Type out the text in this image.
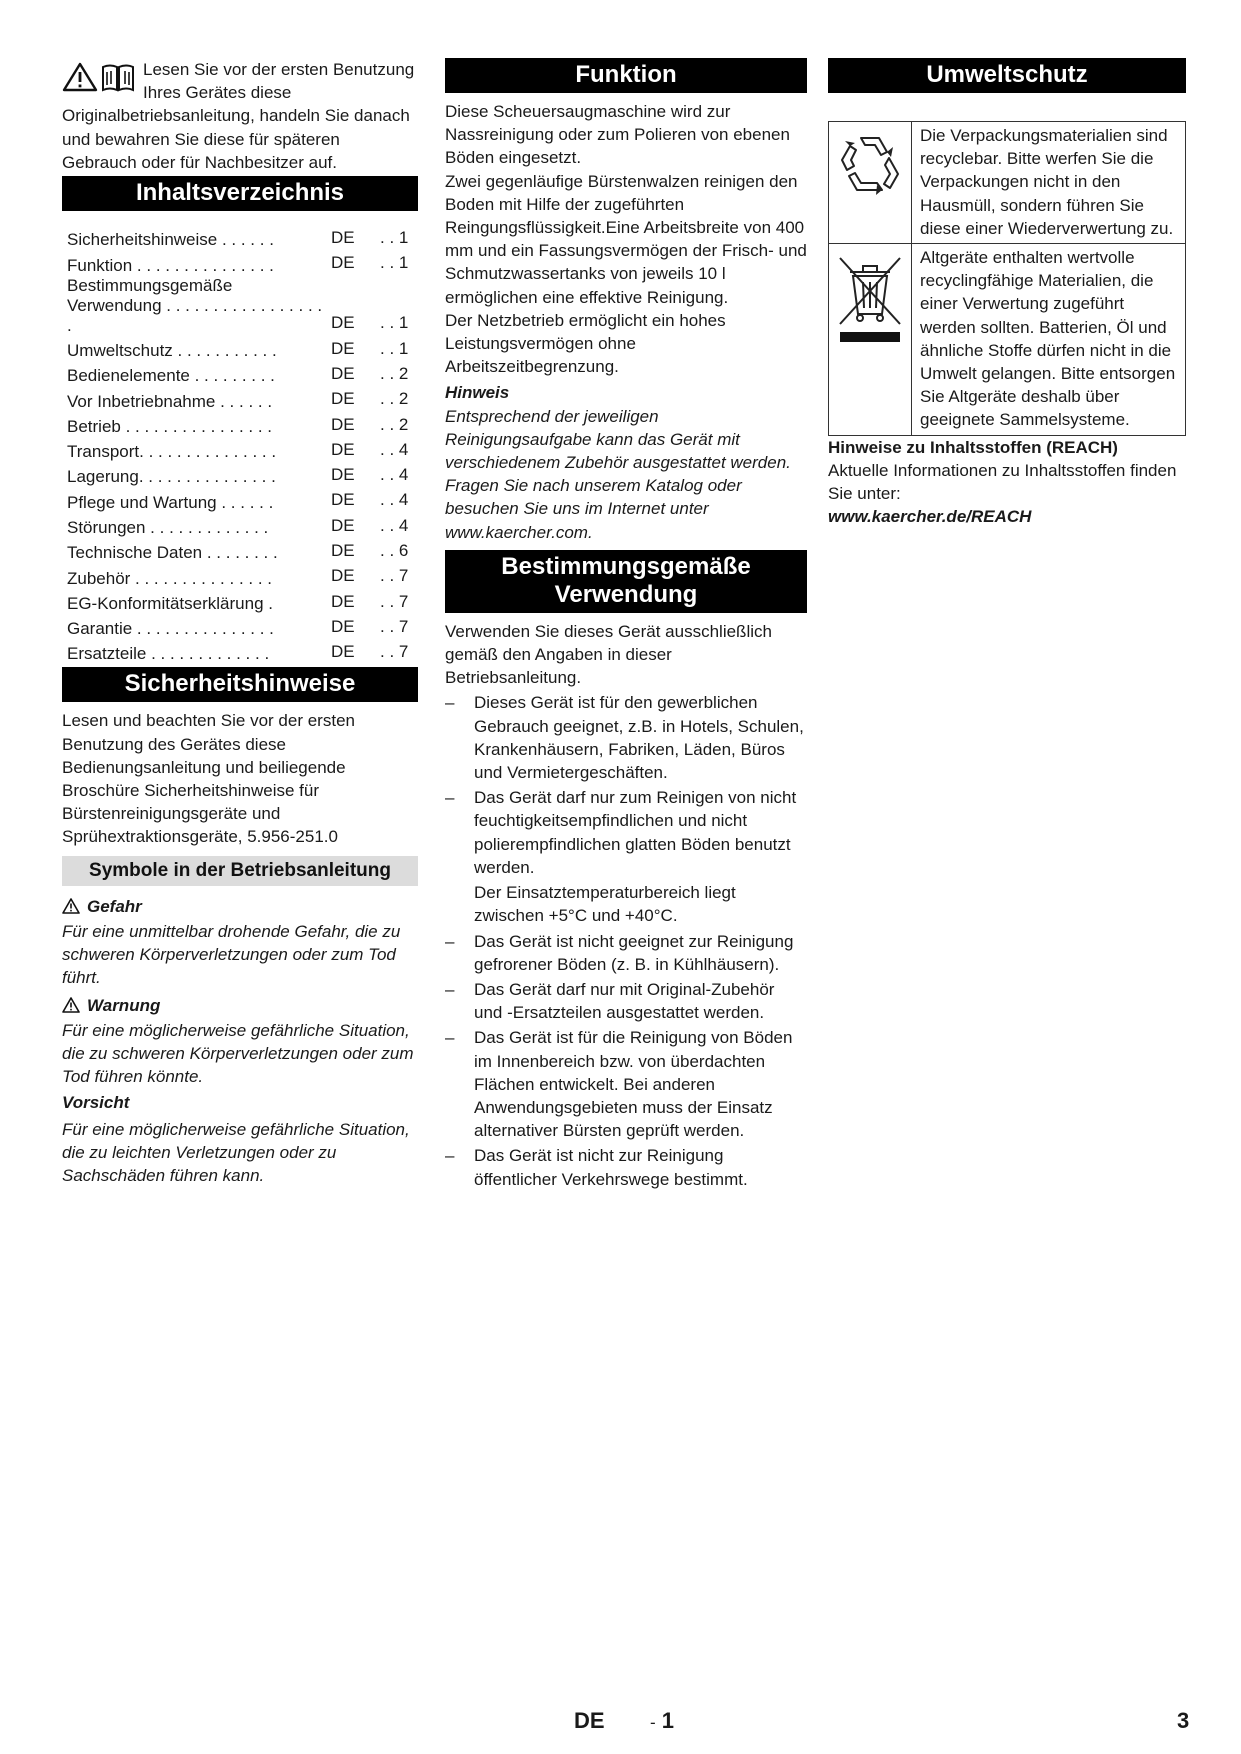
Lesen Sie vor der ersten Benutzung Ihres Gerätes diese Originalbetriebsanleitung, handeln Sie danach und bewahren Sie diese für späteren Gebrauch oder für Nachbesitzer auf.

Inhaltsverzeichnis
Sicherheitshinweise . . . . . .	DE	. . 1
Funktion . . . . . . . . . . . . . . .	DE	. . 1
Bestimmungsgemäße Verwendung . . . . . . . . . . . . . . . . . .	DE	. . 1
Umweltschutz . . . . . . . . . . .	DE	. . 1
Bedienelemente . . . . . . . . .	DE	. . 2
Vor Inbetriebnahme . . . . . .	DE	. . 2
Betrieb . . . . . . . . . . . . . . . .	DE	. . 2
Transport. . . . . . . . . . . . . . .	DE	. . 4
Lagerung. . . . . . . . . . . . . . .	DE	. . 4
Pflege und Wartung . . . . . .	DE	. . 4
Störungen . . . . . . . . . . . . .	DE	. . 4
Technische Daten . . . . . . . .	DE	. . 6
Zubehör . . . . . . . . . . . . . . .	DE	. . 7
EG-Konformitätserklärung .	DE	. . 7
Garantie . . . . . . . . . . . . . . .	DE	. . 7
Ersatzteile . . . . . . . . . . . . .	DE	. . 7
Sicherheitshinweise

Lesen und beachten Sie vor der ersten Benutzung des Gerätes diese Bedienungsanleitung und beiliegende Broschüre Sicherheitshinweise für Bürstenreinigungsgeräte und Sprühextraktionsgeräte, 5.956-251.0

Symbole in der Betriebsanleitung
Gefahr

Für eine unmittelbar drohende Gefahr, die zu schweren Körperverletzungen oder zum Tod führt.

Warnung

Für eine möglicherweise gefährliche Situation, die zu schweren Körperverletzungen oder zum Tod führen könnte.

Vorsicht

Für eine möglicherweise gefährliche Situation, die zu leichten Verletzungen oder zu Sachschäden führen kann.

Funktion

Diese Scheuersaugmaschine wird zur Nassreinigung oder zum Polieren von ebenen Böden eingesetzt.

Zwei gegenläufige Bürstenwalzen reinigen den Boden mit Hilfe der zugeführten Reingungsflüssigkeit.Eine Arbeitsbreite von 400 mm und ein Fassungsvermögen der Frisch- und Schmutzwassertanks von jeweils 10 l ermöglichen eine effektive Reinigung.

Der Netzbetrieb ermöglicht ein hohes Leistungsvermögen ohne Arbeitszeitbegrenzung.

Hinweis

Entsprechend der jeweiligen Reinigungsaufgabe kann das Gerät mit verschiedenem Zubehör ausgestattet werden.

Fragen Sie nach unserem Katalog oder besuchen Sie uns im Internet unter www.kaercher.com.

Bestimmungsgemäße Verwendung

Verwenden Sie dieses Gerät ausschließlich gemäß den Angaben in dieser Betriebsanleitung.

– Dieses Gerät ist für den gewerblichen Gebrauch geeignet, z.B. in Hotels, Schulen, Krankenhäusern, Fabriken, Läden, Büros und Vermietergeschäften.

– Das Gerät darf nur zum Reinigen von nicht feuchtigkeitsempfindlichen und nicht polierempfindlichen glatten Böden benutzt werden.

Der Einsatztemperaturbereich liegt zwischen +5°C und +40°C.

– Das Gerät ist nicht geeignet zur Reinigung gefrorener Böden (z. B. in Kühlhäusern).

– Das Gerät darf nur mit Original-Zubehör und -Ersatzteilen ausgestattet werden.

– Das Gerät ist für die Reinigung von Böden im Innenbereich bzw. von überdachten Flächen entwickelt. Bei anderen Anwendungsgebieten muss der Einsatz alternativer Bürsten geprüft werden.

– Das Gerät ist nicht zur Reinigung öffentlicher Verkehrswege bestimmt.

Umweltschutz
	Die Verpackungsmaterialien sind recyclebar. Bitte werfen Sie die Verpackungen nicht in den Hausmüll, sondern führen Sie diese einer Wiederverwertung zu.
	Altgeräte enthalten wertvolle recyclingfähige Materialien, die einer Verwertung zugeführt werden sollten. Batterien, Öl und ähnliche Stoffe dürfen nicht in die Umwelt gelangen. Bitte entsorgen Sie Altgeräte deshalb über geeignete Sammelsysteme.

Hinweise zu Inhaltsstoffen (REACH)

Aktuelle Informationen zu Inhaltsstoffen finden Sie unter:

www.kaercher.de/REACH

DE	- 1	3
